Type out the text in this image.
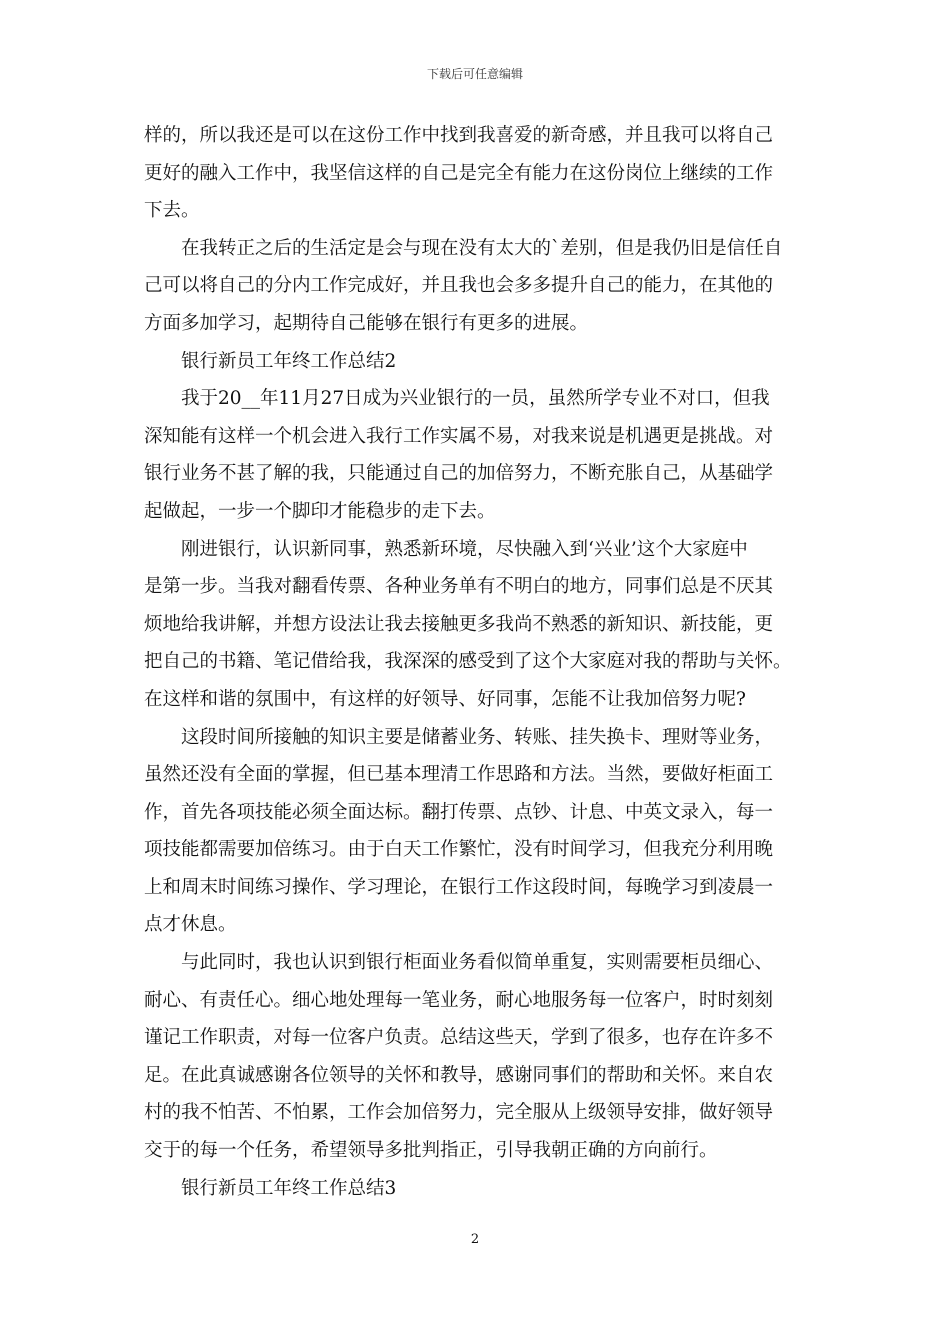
下载后可任意编辑

样的，所以我还是可以在这份工作中找到我喜爱的新奇感，并且我可以将自己
更好的融入工作中，我坚信这样的自己是完全有能力在这份岗位上继续的工作
下去。

　　在我转正之后的生活定是会与现在没有太大的`差别，但是我仍旧是信任自
己可以将自己的分内工作完成好，并且我也会多多提升自己的能力，在其他的
方面多加学习，起期待自己能够在银行有更多的进展。

　　银行新员工年终工作总结2

　　我于20__年11月27日成为兴业银行的一员，虽然所学专业不对口，但我
深知能有这样一个机会进入我行工作实属不易，对我来说是机遇更是挑战。对
银行业务不甚了解的我，只能通过自己的加倍努力，不断充胀自己，从基础学
起做起，一步一个脚印才能稳步的走下去。

　　刚进银行，认识新同事，熟悉新环境，尽快融入到‘兴业’这个大家庭中
是第一步。当我对翻看传票、各种业务单有不明白的地方，同事们总是不厌其
烦地给我讲解，并想方设法让我去接触更多我尚不熟悉的新知识、新技能，更
把自己的书籍、笔记借给我，我深深的感受到了这个大家庭对我的帮助与关怀。
在这样和谐的氛围中，有这样的好领导、好同事，怎能不让我加倍努力呢?

　　这段时间所接触的知识主要是储蓄业务、转账、挂失换卡、理财等业务，
虽然还没有全面的掌握，但已基本理清工作思路和方法。当然，要做好柜面工
作，首先各项技能必须全面达标。翻打传票、点钞、计息、中英文录入，每一
项技能都需要加倍练习。由于白天工作繁忙，没有时间学习，但我充分利用晚
上和周末时间练习操作、学习理论，在银行工作这段时间，每晚学习到凌晨一
点才休息。

　　与此同时，我也认识到银行柜面业务看似简单重复，实则需要柜员细心、
耐心、有责任心。细心地处理每一笔业务，耐心地服务每一位客户，时时刻刻
谨记工作职责，对每一位客户负责。总结这些天，学到了很多，也存在许多不
足。在此真诚感谢各位领导的关怀和教导，感谢同事们的帮助和关怀。来自农
村的我不怕苦、不怕累，工作会加倍努力，完全服从上级领导安排，做好领导
交于的每一个任务，希望领导多批判指正，引导我朝正确的方向前行。

　　银行新员工年终工作总结3

2
